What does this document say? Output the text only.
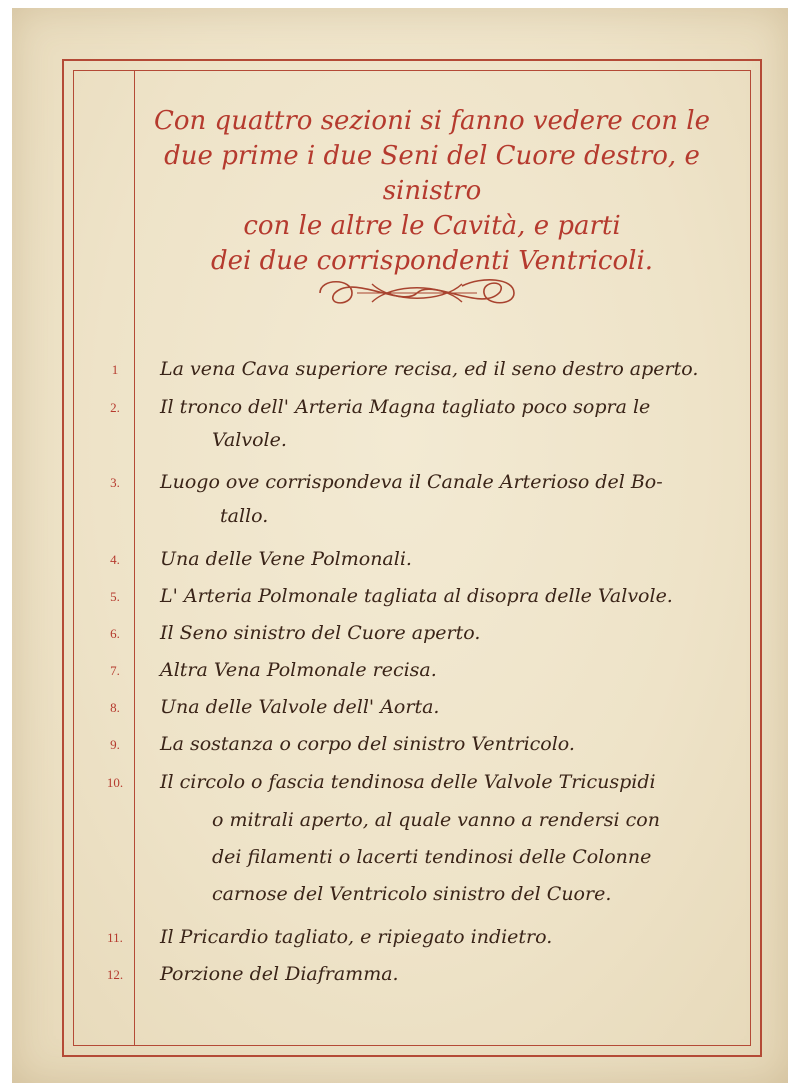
Con quattro sezioni si fanno vedere con le
due prime i due Seni del Cuore destro, e sinistro
con le altre le Cavità, e parti
dei due corrispondenti Ventricoli.
1	La vena Cava superiore recisa, ed il seno destro aperto.
2.	Il tronco dell' Arteria Magna tagliato poco sopra le
Valvole.
3.	Luogo ove corrispondeva il Canale Arterioso del Bo-
tallo.
4.	Una delle Vene Polmonali.
5.	L' Arteria Polmonale tagliata al disopra delle Valvole.
6.	Il Seno sinistro del Cuore aperto.
7.	Altra Vena Polmonale recisa.
8.	Una delle Valvole dell' Aorta.
9.	La sostanza o corpo del sinistro Ventricolo.
10.	Il circolo o fascia tendinosa delle Valvole Tricuspidi
o mitrali aperto, al quale vanno a rendersi con
dei filamenti o lacerti tendinosi delle Colonne
carnose del Ventricolo sinistro del Cuore.
11.	Il Pricardio tagliato, e ripiegato indietro.
12.	Porzione del Diaframma.
